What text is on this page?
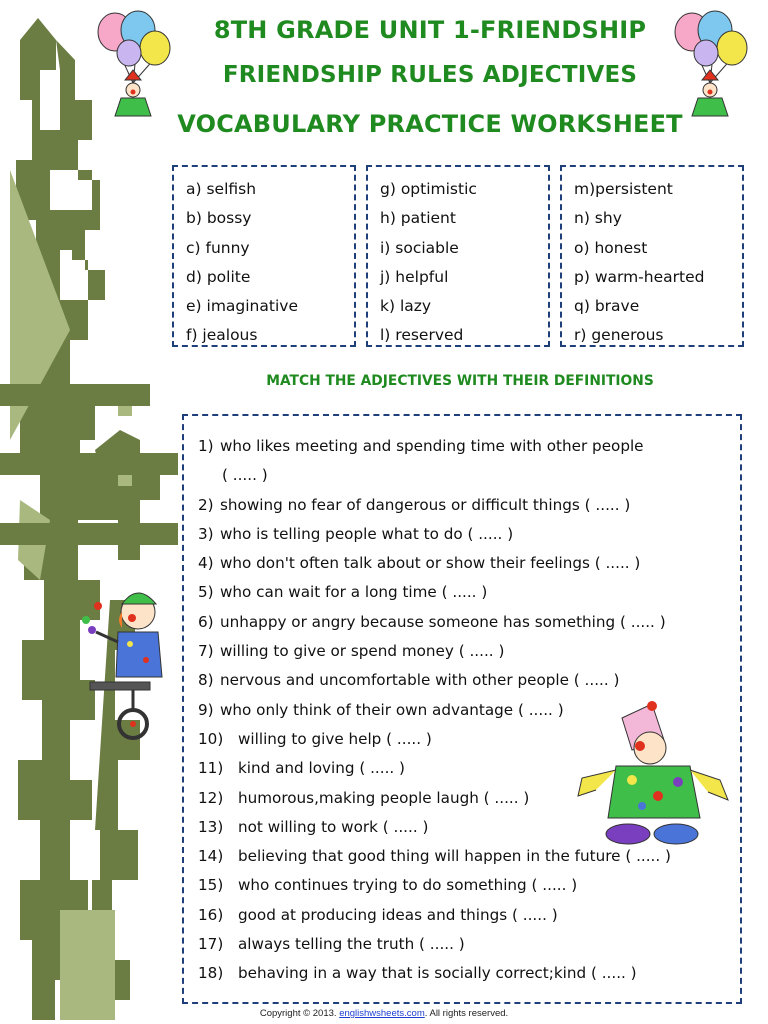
8TH GRADE UNIT 1-FRIENDSHIP
FRIENDSHIP RULES ADJECTIVES
VOCABULARY PRACTICE WORKSHEET
a) selfish
b) bossy
c) funny
d) polite
e) imaginative
f) jealous
g) optimistic
h) patient
i) sociable
j) helpful
k) lazy
l) reserved
m)persistent
n) shy
o) honest
p) warm-hearted
q) brave
r) generous
MATCH THE ADJECTIVES WITH THEIR DEFINITIONS
1) who likes meeting and spending time with other people
( ..... )
2) showing no fear of dangerous or difficult things ( ..... )
3) who is telling people what to do ( ..... )
4) who don't often talk about or show their feelings ( ..... )
5) who can wait for a long time ( ..... )
6) unhappy or angry because someone has something ( ..... )
7) willing to give or spend money ( ..... )
8) nervous and uncomfortable with other people ( ..... )
9) who only think of their own advantage ( ..... )
10) willing to give help ( ..... )
11) kind and loving ( ..... )
12) humorous,making people laugh ( ..... )
13) not willing to work ( ..... )
14) believing that good thing will happen in the future ( ..... )
15) who continues trying to do something ( ..... )
16) good at producing ideas and things ( ..... )
17) always telling the truth ( ..... )
18) behaving in a way that is socially correct;kind ( ..... )
Copyright © 2013. englishwsheets.com. All rights reserved.
